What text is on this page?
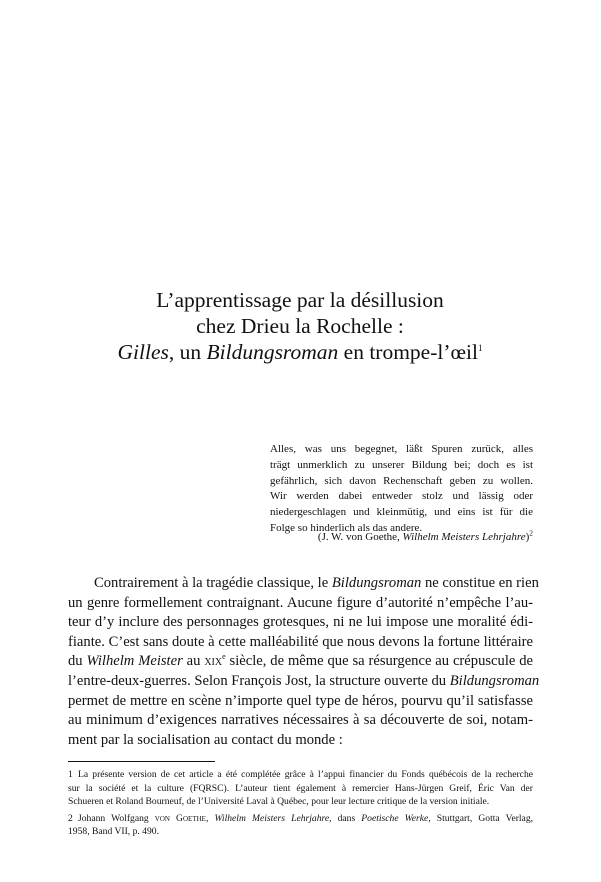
L’apprentissage par la désillusion
chez Drieu la Rochelle :
Gilles, un Bildungsroman en trompe-l’œil$^1$
Alles, was uns begegnet, läßt Spuren zurück, alles
trägt unmerklich zu unserer Bildung bei; doch es ist
gefährlich, sich davon Rechenschaft geben zu wollen.
Wir werden dabei entweder stolz und lässig oder
niedergeschlagen und kleinmütig, und eins ist für die
Folge so hinderlich als das andere.
(J. W. von Goethe, Wilhelm Meisters Lehrjahre)$^2$
Contrairement à la tragédie classique, le Bildungsroman ne constitue en rien
un genre formellement contraignant. Aucune figure d’autorité n’empêche l’au-
teur d’y inclure des personnages grotesques, ni ne lui impose une moralité édi-
fiante. C’est sans doute à cette malléabilité que nous devons la fortune littéraire
du Wilhelm Meister au xix$^e$ siècle, de même que sa résurgence au crépuscule de
l’entre-deux-guerres. Selon François Jost, la structure ouverte du Bildungsroman
permet de mettre en scène n’importe quel type de héros, pourvu qu’il satisfasse
au minimum d’exigences narratives nécessaires à sa découverte de soi, notam-
ment par la socialisation au contact du monde :
1 La présente version de cet article a été complétée grâce à l’appui financier du Fonds québécois de la recherche
sur la société et la culture (FQRSC). L’auteur tient également à remercier Hans-Jürgen Greif, Éric Van der
Schueren et Roland Bourneuf, de l’Université Laval à Québec, pour leur lecture critique de la version initiale.
2 Johann Wolfgang von Goethe, Wilhelm Meisters Lehrjahre, dans Poetische Werke, Stuttgart, Gotta Verlag,
1958, Band VII, p. 490.
